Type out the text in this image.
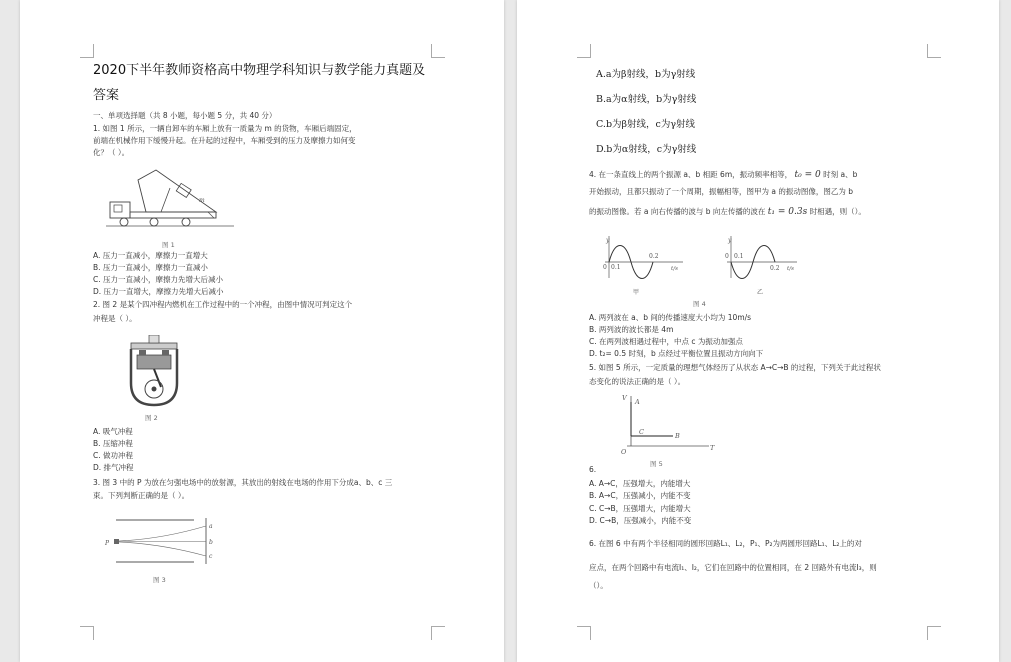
2020下半年教师资格高中物理学科知识与教学能力真题及
答案
一、单项选择题（共 8 小题，每小题 5 分，共 40 分）
1. 如图 1 所示，一辆自卸车的车厢上放有一质量为 m 的货物，车厢后端固定，
前端在机械作用下缓慢升起。在升起的过程中，车厢受到的压力及摩擦力如何变
化？（ ）。
m
图 1
A. 压力一直减小，摩擦力一直增大
B. 压力一直减小，摩擦力一直减小
C. 压力一直减小，摩擦力先增大后减小
D. 压力一直增大，摩擦力先增大后减小
2. 图 2 是某个四冲程内燃机在工作过程中的一个冲程，由图中情况可判定这个
冲程是（ ）。
图 2
A. 吸气冲程
B. 压缩冲程
C. 做功冲程
D. 排气冲程
3. 图 3 中的 P 为放在匀强电场中的放射源，其放出的射线在电场的作用下分成a、b、c 三
束。下列判断正确的是（ ）。
a
b
c
P
图 3
A.a为β射线，b为γ射线
B.a为α射线，b为γ射线
C.b为β射线，c为γ射线
D.b为α射线，c为γ射线
4. 在一条直线上的两个振源 a、b 相距 6m，振动频率相等， t₀ = 0 时刻 a、b
开始振动，且都只振动了一个周期，振幅相等，图甲为 a 的振动图像，图乙为 b
的振动图像。若 a 向右传播的波与 b 向左传播的波在 t₁ = 0.3s 时相遇，则（）。
y
0 0.1
0.2
t/s
甲
y
0 0.1
0.2 t/s
乙
图 4
A. 两列波在 a、b 间的传播速度大小均为 10m/s
B. 两列波的波长都是 4m
C. 在两列波相遇过程中，中点 c 为振动加强点
D. t₂= 0.5 时刻，b 点经过平衡位置且振动方向向下
5. 如图 5 所示，一定质量的理想气体经历了从状态 A→C→B 的过程，下列关于此过程状
态变化的说法正确的是（ ）。
V A
C	B
T
O
图 5
6.
A. A→C，压强增大，内能增大
B. A→C，压强减小，内能不变
C. C→B，压强增大，内能增大
D. C→B，压强减小，内能不变
6. 在图 6 中有两个半径相同的圆形回路L₁、L₂，P₁、P₂为两圆形回路L₁、L₂上的对
应点，在两个回路中有电流I₁、I₂，它们在回路中的位置相同，在 2 回路外有电流I₃，则
（）。
